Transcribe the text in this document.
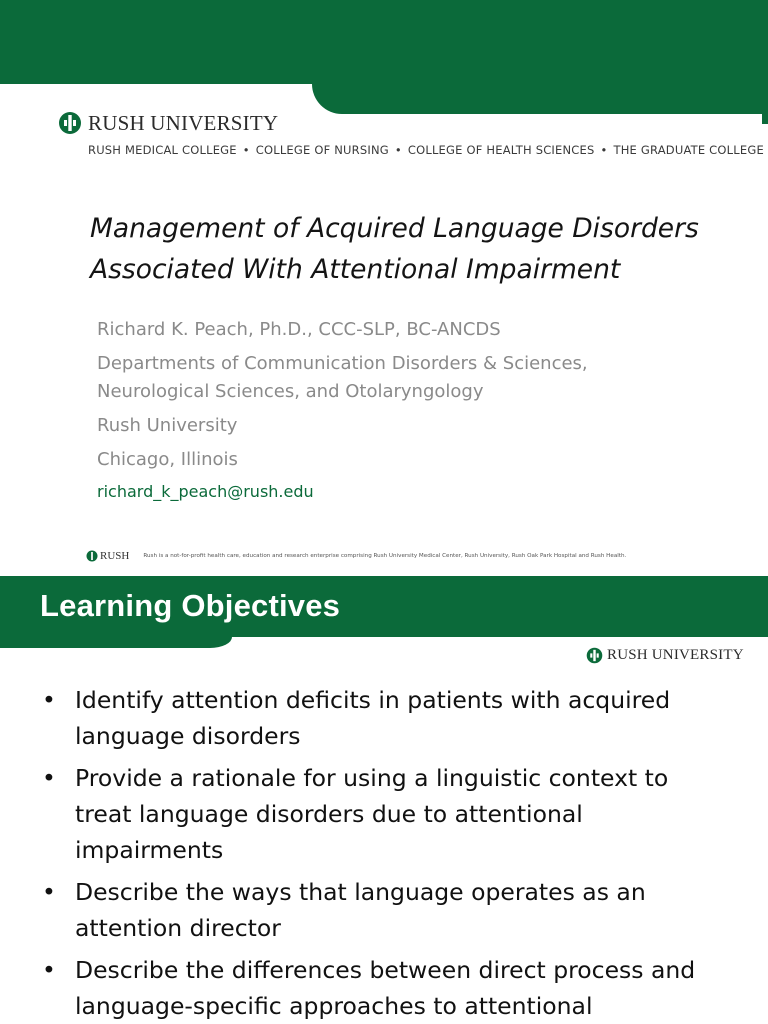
RUSH UNIVERSITY
RUSH MEDICAL COLLEGE • COLLEGE OF NURSING • COLLEGE OF HEALTH SCIENCES • THE GRADUATE COLLEGE
Management of Acquired Language Disorders
Associated With Attentional Impairment
Richard K. Peach, Ph.D., CCC-SLP, BC-ANCDS
Departments of Communication Disorders & Sciences,
Neurological Sciences, and Otolaryngology
Rush University
Chicago, Illinois
richard_k_peach@rush.edu
RUSH	Rush is a not-for-profit health care, education and research enterprise comprising Rush University Medical Center, Rush University, Rush Oak Park Hospital and Rush Health.
Learning Objectives
RUSH UNIVERSITY
• Identify attention deficits in patients with acquired
language disorders
• Provide a rationale for using a linguistic context to
treat language disorders due to attentional
impairments
• Describe the ways that language operates as an
attention director
• Describe the differences between direct process and
language-specific approaches to attentional
